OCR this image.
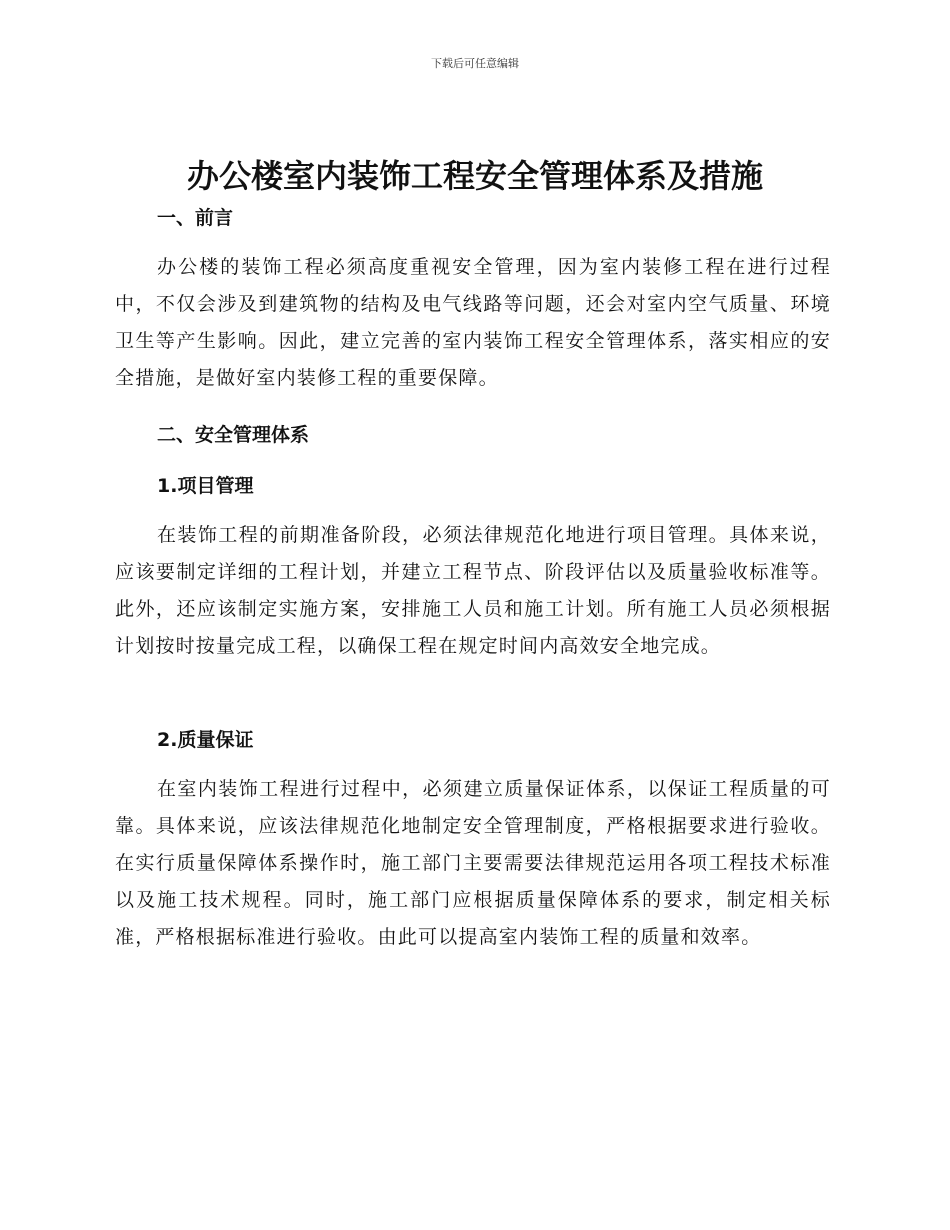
下载后可任意编辑
办公楼室内装饰工程安全管理体系及措施
一、前言
办公楼的装饰工程必须高度重视安全管理，因为室内装修工程在进行过程中，不仅会涉及到建筑物的结构及电气线路等问题，还会对室内空气质量、环境卫生等产生影响。因此，建立完善的室内装饰工程安全管理体系，落实相应的安全措施，是做好室内装修工程的重要保障。
二、安全管理体系
1.项目管理
在装饰工程的前期准备阶段，必须法律规范化地进行项目管理。具体来说，应该要制定详细的工程计划，并建立工程节点、阶段评估以及质量验收标准等。此外，还应该制定实施方案，安排施工人员和施工计划。所有施工人员必须根据计划按时按量完成工程，以确保工程在规定时间内高效安全地完成。
2.质量保证
在室内装饰工程进行过程中，必须建立质量保证体系，以保证工程质量的可靠。具体来说，应该法律规范化地制定安全管理制度，严格根据要求进行验收。在实行质量保障体系操作时，施工部门主要需要法律规范运用各项工程技术标准以及施工技术规程。同时，施工部门应根据质量保障体系的要求，制定相关标准，严格根据标准进行验收。由此可以提高室内装饰工程的质量和效率。
